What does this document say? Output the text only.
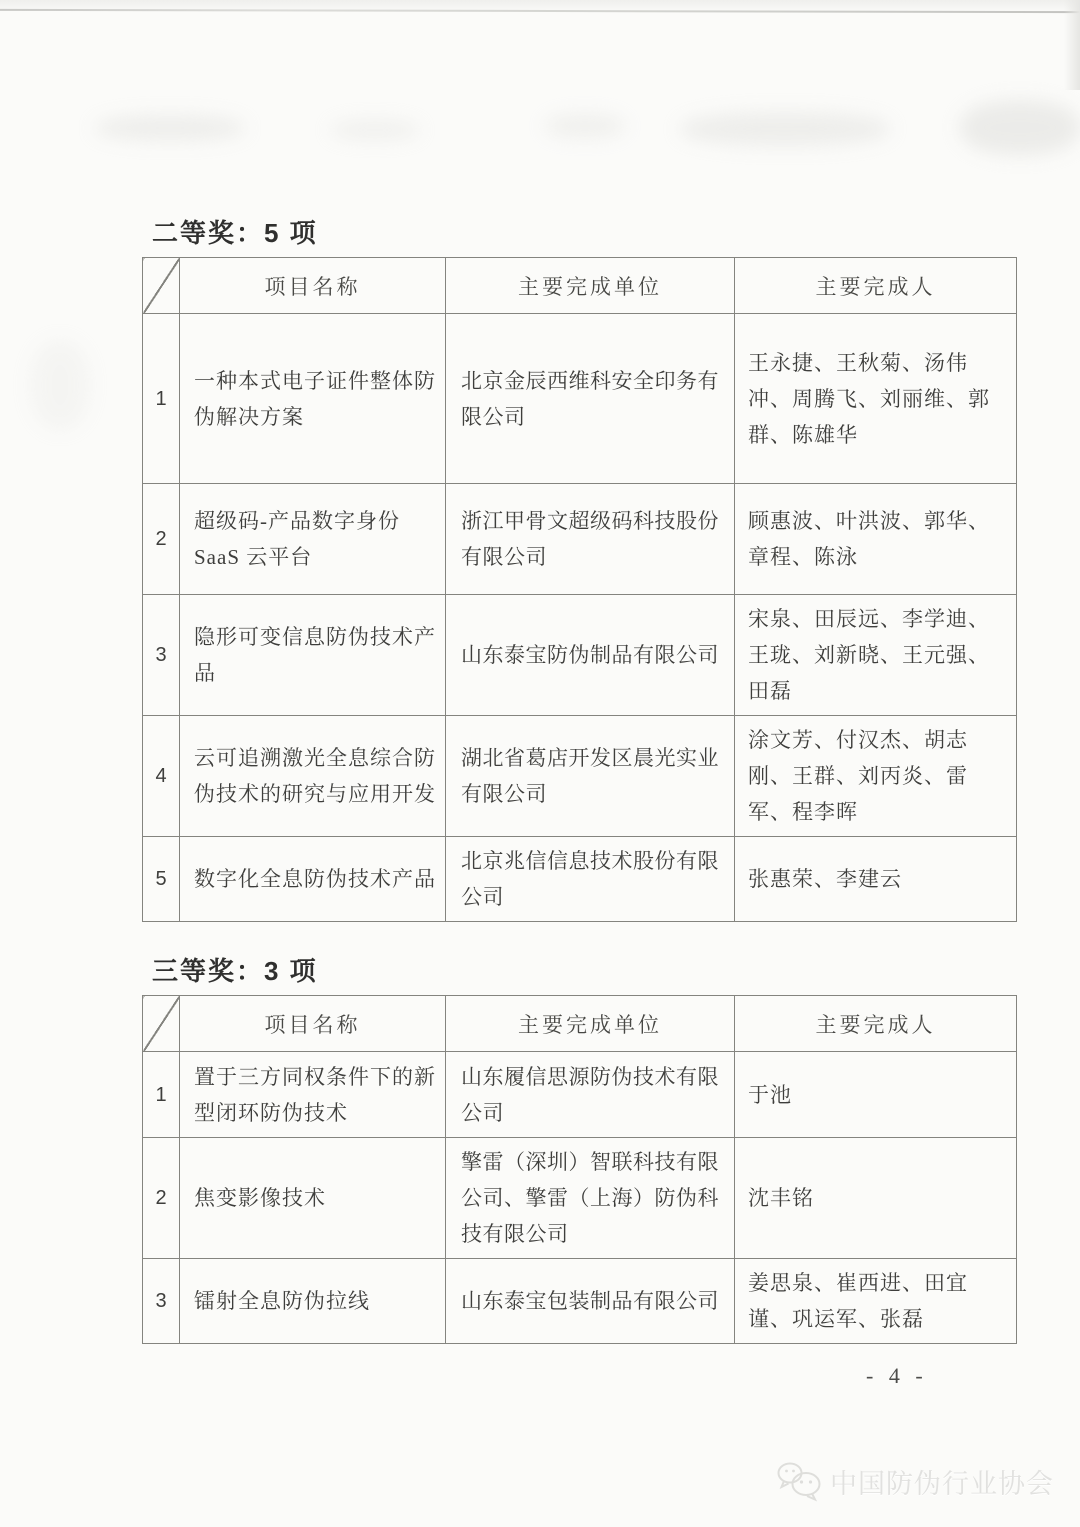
二等奖：5 项
	项目名称	主要完成单位	主要完成人
1	一种本式电子证件整体防伪解决方案	北京金辰西维科安全印务有限公司	王永捷、王秋菊、汤伟冲、周腾飞、刘丽维、郭群、陈雄华
2	超级码-产品数字身份SaaS 云平台	浙江甲骨文超级码科技股份有限公司	顾惠波、叶洪波、郭华、章程、陈泳
3	隐形可变信息防伪技术产品	山东泰宝防伪制品有限公司	宋泉、田辰远、李学迪、王珑、刘新晓、王元强、田磊
4	云可追溯激光全息综合防伪技术的研究与应用开发	湖北省葛店开发区晨光实业有限公司	涂文芳、付汉杰、胡志刚、王群、刘丙炎、雷军、程李晖
5	数字化全息防伪技术产品	北京兆信信息技术股份有限公司	张惠荣、李建云
三等奖：3 项
	项目名称	主要完成单位	主要完成人
1	置于三方同权条件下的新型闭环防伪技术	山东履信思源防伪技术有限公司	于池
2	焦变影像技术	擎雷（深圳）智联科技有限公司、擎雷（上海）防伪科技有限公司	沈丰铭
3	镭射全息防伪拉线	山东泰宝包装制品有限公司	姜思泉、崔西进、田宜谨、巩运军、张磊
- 4 -
中国防伪行业协会
